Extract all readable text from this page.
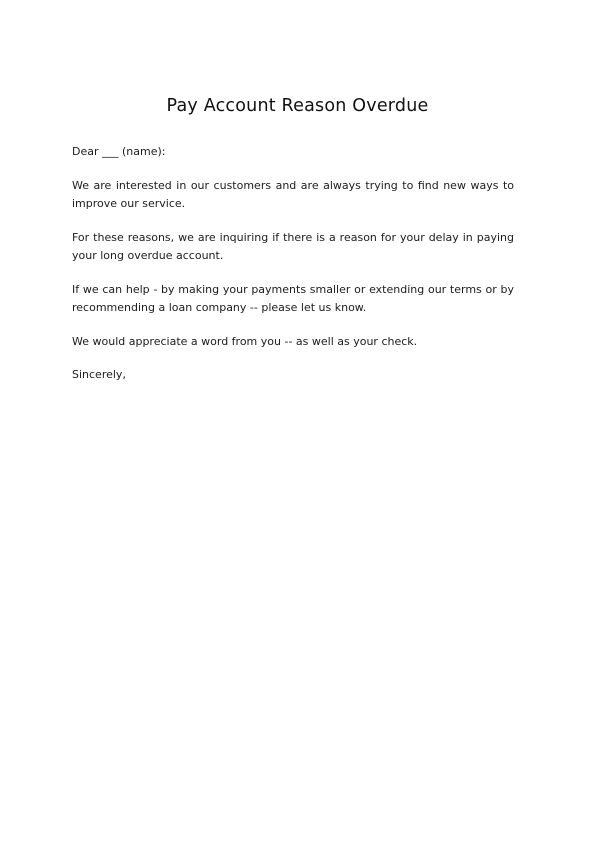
Pay Account Reason Overdue

Dear ___ (name):

We are interested in our customers and are always trying to find new ways to improve our service.

For these reasons, we are inquiring if there is a reason for your delay in paying your long overdue account.

If we can help - by making your payments smaller or extending our terms or by recommending a loan company -- please let us know.

We would appreciate a word from you -- as well as your check.

Sincerely,
